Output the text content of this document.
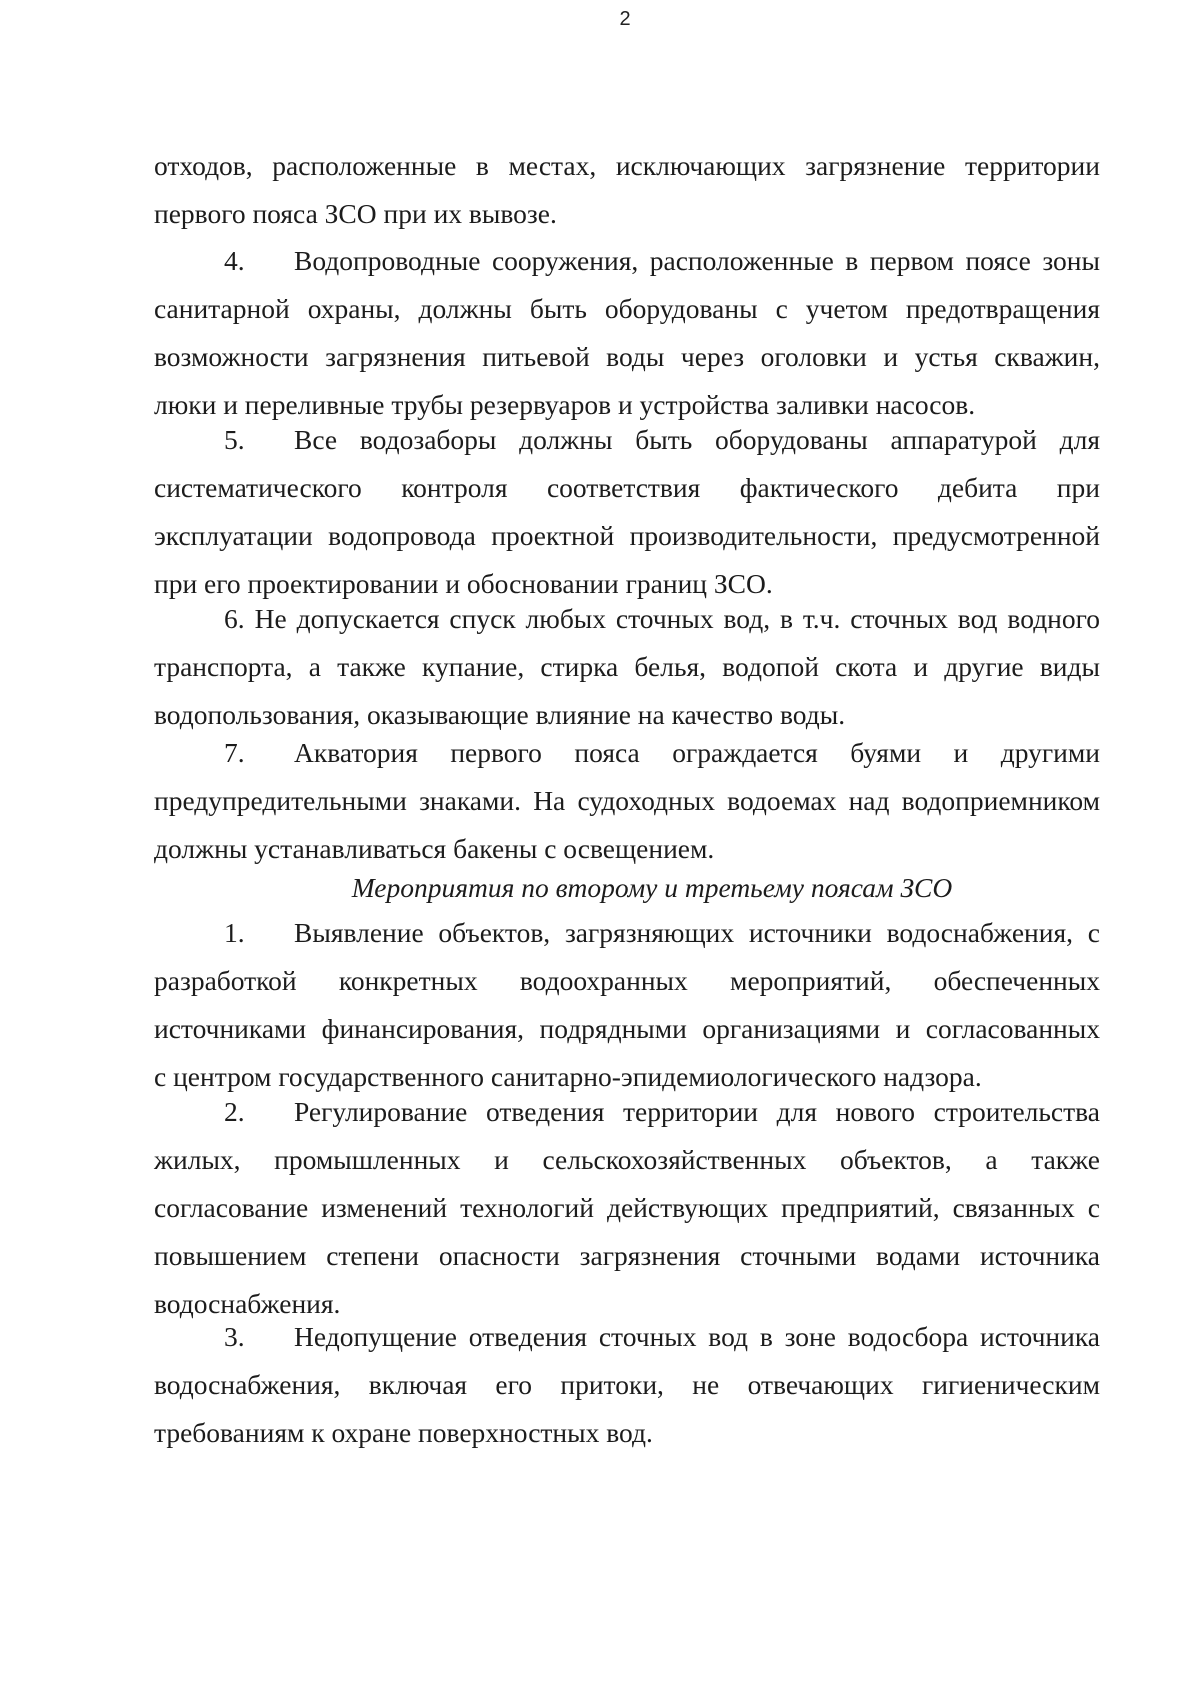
2
отходов, расположенные в местах, исключающих загрязнение территории
первого пояса ЗСО при их вывозе.
4. Водопроводные сооружения, расположенные в первом поясе зоны
санитарной охраны, должны быть оборудованы с учетом предотвращения
возможности загрязнения питьевой воды через оголовки и устья скважин,
люки и переливные трубы резервуаров и устройства заливки насосов.
5. Все водозаборы должны быть оборудованы аппаратурой для
систематического контроля соответствия фактического дебита при
эксплуатации водопровода проектной производительности, предусмотренной
при его проектировании и обосновании границ ЗСО.
6. Не допускается спуск любых сточных вод, в т.ч. сточных вод водного
транспорта, а также купание, стирка белья, водопой скота и другие виды
водопользования, оказывающие влияние на качество воды.
7. Акватория первого пояса ограждается буями и другими
предупредительными знаками. На судоходных водоемах над водоприемником
должны устанавливаться бакены с освещением.
Мероприятия по второму и третьему поясам ЗСО
1. Выявление объектов, загрязняющих источники водоснабжения, с
разработкой конкретных водоохранных мероприятий, обеспеченных
источниками финансирования, подрядными организациями и согласованных
с центром государственного санитарно-эпидемиологического надзора.
2. Регулирование отведения территории для нового строительства
жилых, промышленных и сельскохозяйственных объектов, а также
согласование изменений технологий действующих предприятий, связанных с
повышением степени опасности загрязнения сточными водами источника
водоснабжения.
3. Недопущение отведения сточных вод в зоне водосбора источника
водоснабжения, включая его притоки, не отвечающих гигиеническим
требованиям к охране поверхностных вод.
